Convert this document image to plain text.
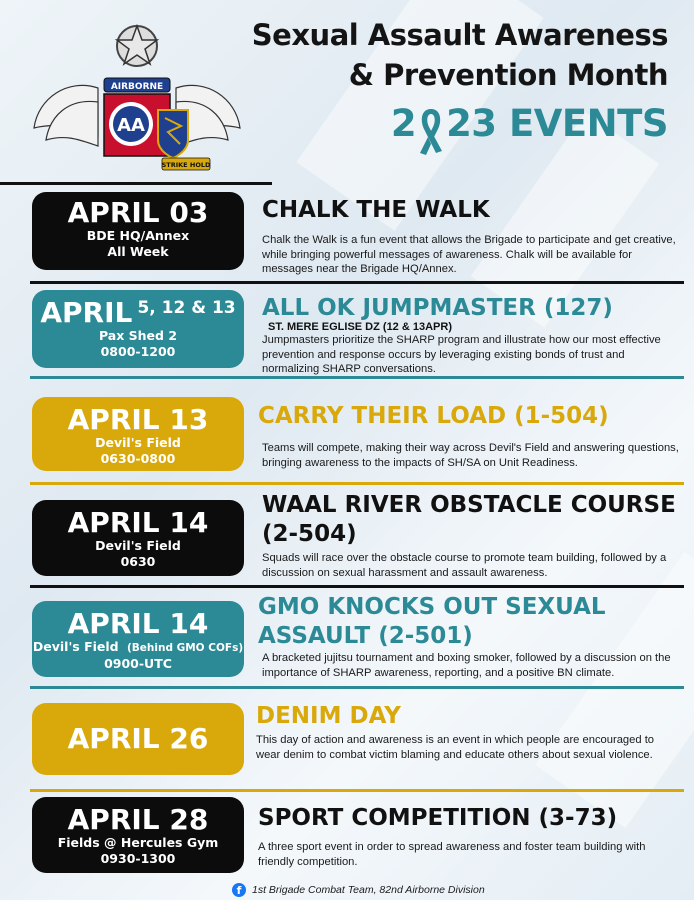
AIRBORNE
AA
STRIKE HOLD
Sexual Assault Awareness
& Prevention Month
2 23 EVENTS
APRIL 03
BDE HQ/Annex
All Week
CHALK THE WALK
Chalk the Walk is a fun event that allows the Brigade to participate and get creative, while bringing powerful messages of awareness. Chalk will be available for messages near the Brigade HQ/Annex.
APRIL 5, 12 & 13
Pax Shed 2
0800-1200
ALL OK JUMPMASTER (127)
ST. MERE EGLISE DZ (12 & 13APR)
Jumpmasters prioritize the SHARP program and illustrate how our most effective prevention and response occurs by leveraging existing bonds of trust and normalizing SHARP conversations.
APRIL 13
Devil's Field
0630-0800
CARRY THEIR LOAD (1-504)
Teams will compete, making their way across Devil's Field and answering questions, bringing awareness to the impacts of SH/SA on Unit Readiness.
APRIL 14
Devil's Field
0630
WAAL RIVER OBSTACLE COURSE
(2-504)
Squads will race over the obstacle course to promote team building, followed by a discussion on sexual harassment and assault awareness.
APRIL 14
Devil's Field (Behind GMO COFs)
0900-UTC
GMO KNOCKS OUT SEXUAL
ASSAULT (2-501)
A bracketed jujitsu tournament and boxing smoker, followed by a discussion on the importance of SHARP awareness, reporting, and a positive BN climate.
APRIL 26
DENIM DAY
This day of action and awareness is an event in which people are encouraged to wear denim to combat victim blaming and educate others about sexual violence.
APRIL 28
Fields @ Hercules Gym
0930-1300
SPORT COMPETITION (3-73)
A three sport event in order to spread awareness and foster team building with friendly competition.
f 1st Brigade Combat Team, 82nd Airborne Division
